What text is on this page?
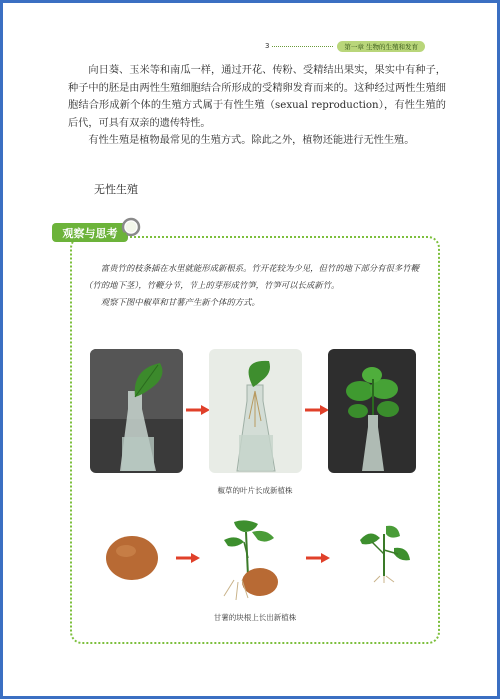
3	第一章 生物的生殖和发育

向日葵、玉米等和南瓜一样，通过开花、传粉、受精结出果实，果实中有种子，种子中的胚是由两性生殖细胞结合所形成的受精卵发育而来的。这种经过两性生殖细胞结合形成新个体的生殖方式属于有性生殖（sexual reproduction），有性生殖的后代，可具有双亲的遗传特性。

有性生殖是植物最常见的生殖方式。除此之外，植物还能进行无性生殖。

无性生殖
观察与思考

富贵竹的枝条插在水里就能形成新根系。竹开花较为少见，但竹的地下部分有很多竹鞭（竹的地下茎），竹鞭分节，节上的芽形成竹笋，竹笋可以长成新竹。

观察下图中椒草和甘薯产生新个体的方式。

椒草的叶片长成新植株
甘薯的块根上长出新植株
